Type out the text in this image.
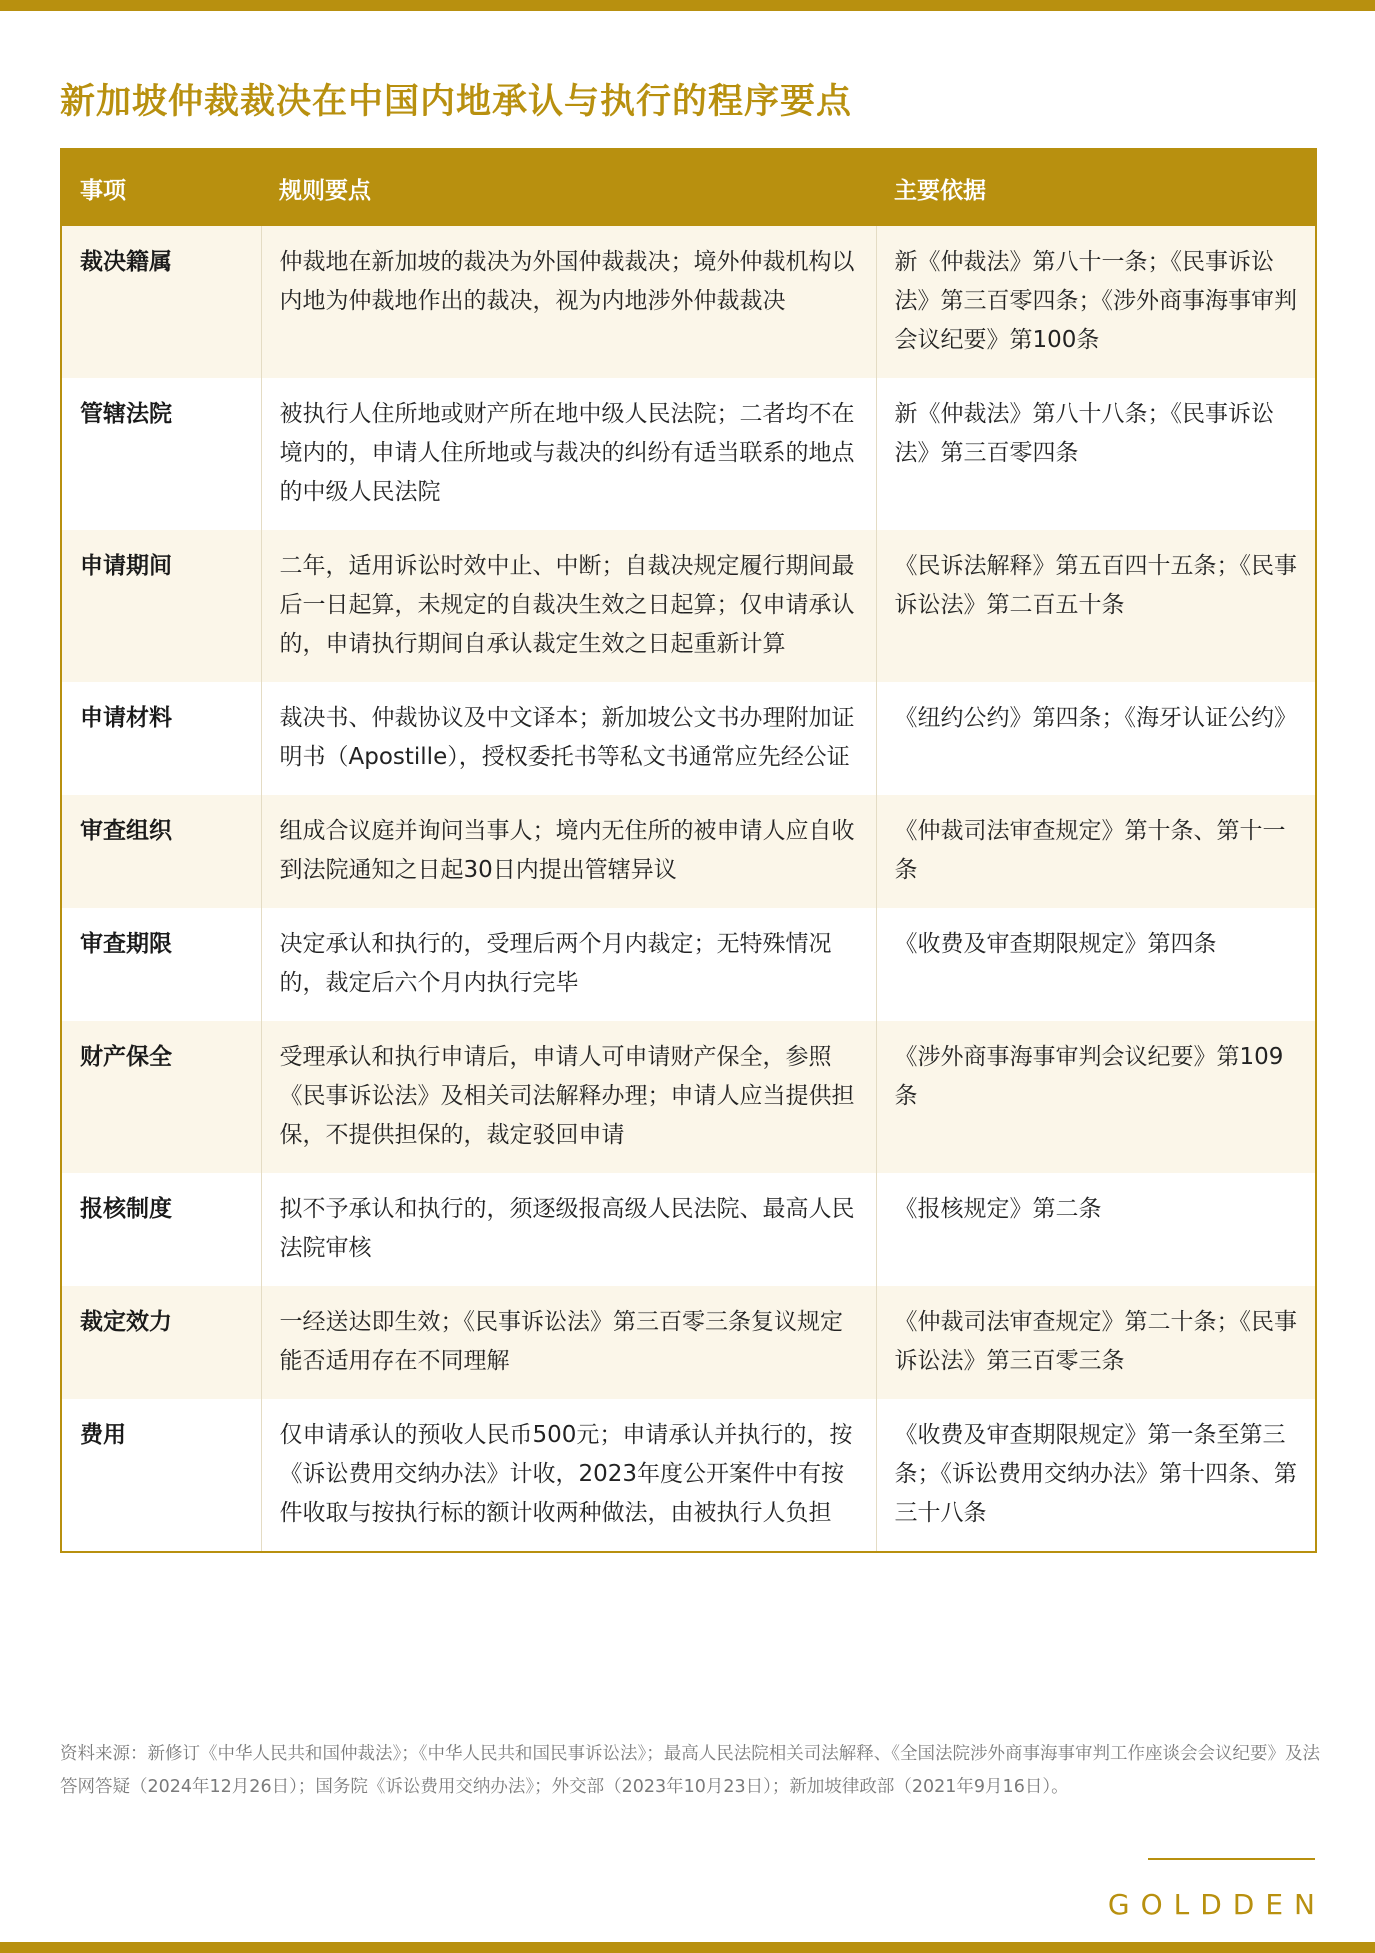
新加坡仲裁裁决在中国内地承认与执行的程序要点
事项	规则要点	主要依据
裁决籍属	仲裁地在新加坡的裁决为外国仲裁裁决；境外仲裁机构以内地为仲裁地作出的裁决，视为内地涉外仲裁裁决	新《仲裁法》第八十一条；《民事诉讼法》第三百零四条；《涉外商事海事审判会议纪要》第100条
管辖法院	被执行人住所地或财产所在地中级人民法院；二者均不在境内的，申请人住所地或与裁决的纠纷有适当联系的地点的中级人民法院	新《仲裁法》第八十八条；《民事诉讼法》第三百零四条
申请期间	二年，适用诉讼时效中止、中断；自裁决规定履行期间最后一日起算，未规定的自裁决生效之日起算；仅申请承认的，申请执行期间自承认裁定生效之日起重新计算	《民诉法解释》第五百四十五条；《民事诉讼法》第二百五十条
申请材料	裁决书、仲裁协议及中文译本；新加坡公文书办理附加证明书（Apostille），授权委托书等私文书通常应先经公证	《纽约公约》第四条；《海牙认证公约》
审查组织	组成合议庭并询问当事人；境内无住所的被申请人应自收到法院通知之日起30日内提出管辖异议	《仲裁司法审查规定》第十条、第十一条
审查期限	决定承认和执行的，受理后两个月内裁定；无特殊情况的，裁定后六个月内执行完毕	《收费及审查期限规定》第四条
财产保全	受理承认和执行申请后，申请人可申请财产保全，参照《民事诉讼法》及相关司法解释办理；申请人应当提供担保，不提供担保的，裁定驳回申请	《涉外商事海事审判会议纪要》第109条
报核制度	拟不予承认和执行的，须逐级报高级人民法院、最高人民法院审核	《报核规定》第二条
裁定效力	一经送达即生效；《民事诉讼法》第三百零三条复议规定能否适用存在不同理解	《仲裁司法审查规定》第二十条；《民事诉讼法》第三百零三条
费用	仅申请承认的预收人民币500元；申请承认并执行的，按《诉讼费用交纳办法》计收，2023年度公开案件中有按件收取与按执行标的额计收两种做法，由被执行人负担	《收费及审查期限规定》第一条至第三条；《诉讼费用交纳办法》第十四条、第三十八条
资料来源：新修订《中华人民共和国仲裁法》；《中华人民共和国民事诉讼法》；最高人民法院相关司法解释、《全国法院涉外商事海事审判工作座谈会会议纪要》及法答网答疑（2024年12月26日）；国务院《诉讼费用交纳办法》；外交部（2023年10月23日）；新加坡律政部（2021年9月16日）。
GOLDDEN
